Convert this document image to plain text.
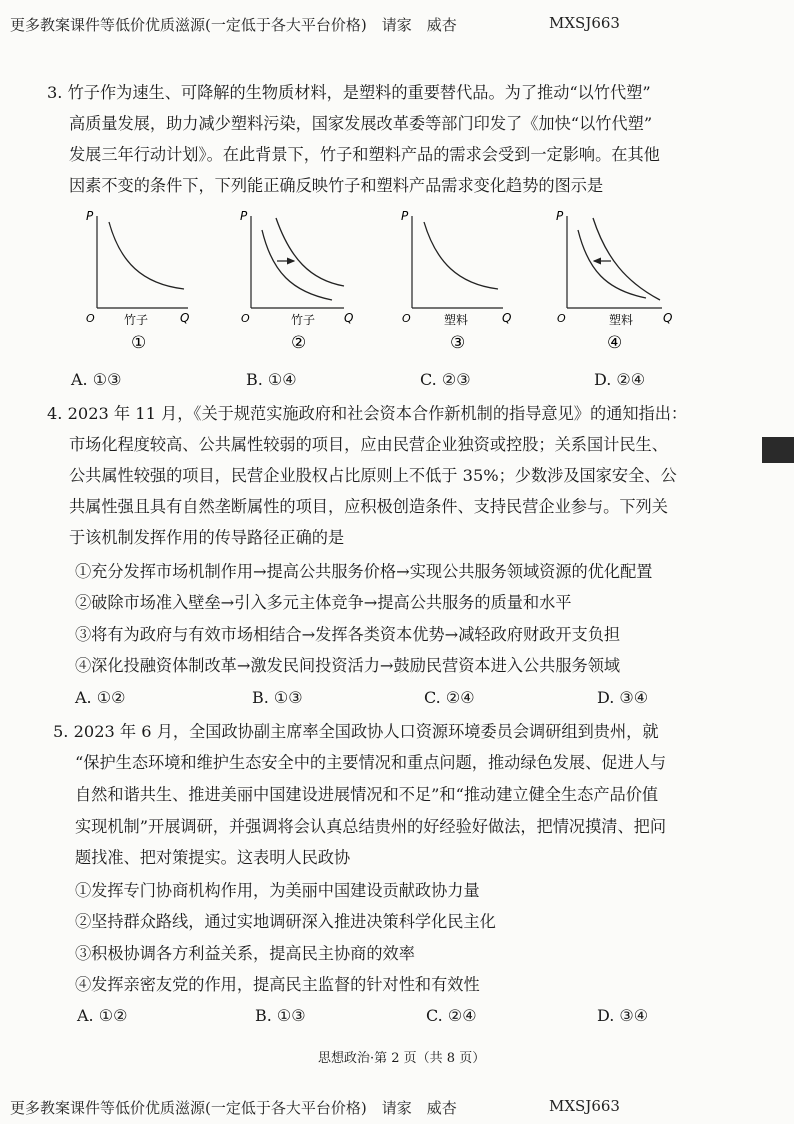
更多教案课件等低价优质滋源(一定低于各大平台价格)　请家　威杏	MXSJ663
3. 竹子作为速生、可降解的生物质材料，是塑料的重要替代品。为了推动“以竹代塑”
高质量发展，助力减少塑料污染，国家发展改革委等部门印发了《加快“以竹代塑”
发展三年行动计划》。在此背景下，竹子和塑料产品的需求会受到一定影响。在其他
因素不变的条件下，下列能正确反映竹子和塑料产品需求变化趋势的图示是
P
O	Q
竹子
①
P
O	Q
竹子
②
P
O	Q
塑料
③
P
O	Q
塑料
④
A. ①③	B. ①④	C. ②③	D. ②④
4. 2023 年 11 月，《关于规范实施政府和社会资本合作新机制的指导意见》的通知指出：
市场化程度较高、公共属性较弱的项目，应由民营企业独资或控股；关系国计民生、
公共属性较强的项目，民营企业股权占比原则上不低于 35%；少数涉及国家安全、公
共属性强且具有自然垄断属性的项目，应积极创造条件、支持民营企业参与。下列关
于该机制发挥作用的传导路径正确的是
①充分发挥市场机制作用→提高公共服务价格→实现公共服务领域资源的优化配置
②破除市场准入壁垒→引入多元主体竞争→提高公共服务的质量和水平
③将有为政府与有效市场相结合→发挥各类资本优势→减轻政府财政开支负担
④深化投融资体制改革→激发民间投资活力→鼓励民营资本进入公共服务领域
A. ①②	B. ①③	C. ②④	D. ③④
5. 2023 年 6 月，全国政协副主席率全国政协人口资源环境委员会调研组到贵州，就
“保护生态环境和维护生态安全中的主要情况和重点问题，推动绿色发展、促进人与
自然和谐共生、推进美丽中国建设进展情况和不足”和“推动建立健全生态产品价值
实现机制”开展调研，并强调将会认真总结贵州的好经验好做法，把情况摸清、把问
题找准、把对策提实。这表明人民政协
①发挥专门协商机构作用，为美丽中国建设贡献政协力量
②坚持群众路线，通过实地调研深入推进决策科学化民主化
③积极协调各方利益关系，提高民主协商的效率
④发挥亲密友党的作用，提高民主监督的针对性和有效性
A. ①②	B. ①③	C. ②④	D. ③④
思想政治·第 2 页（共 8 页）
更多教案课件等低价优质滋源(一定低于各大平台价格)　请家　威杏	MXSJ663
